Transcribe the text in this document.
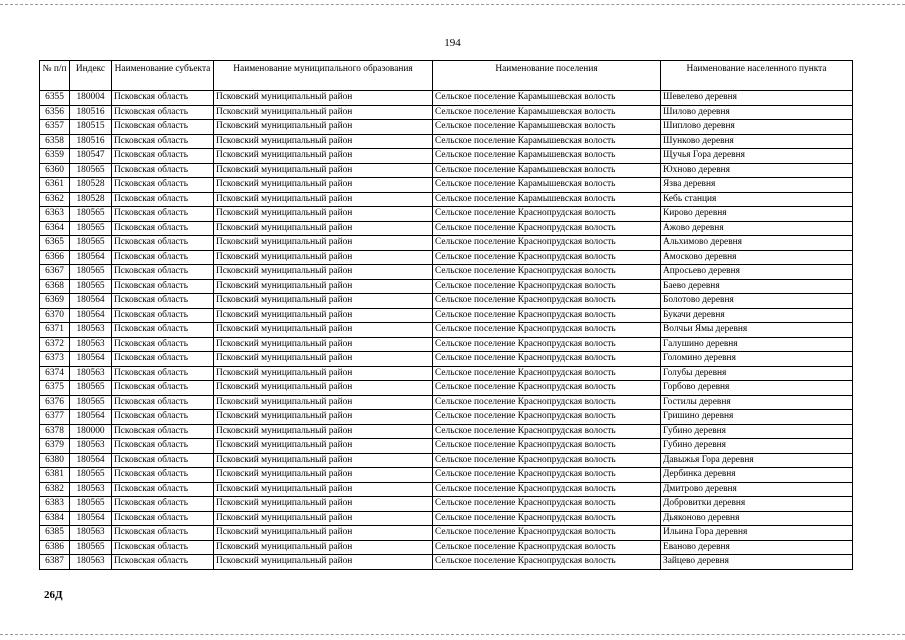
194
№ п/п	Индекс	Наименование субъекта	Наименование муниципального образования	Наименование поселения	Наименование населенного пункта
6355	180004	Псковская область	Псковский муниципальный район	Сельское поселение Карамышевская волость	Шевелево деревня
6356	180516	Псковская область	Псковский муниципальный район	Сельское поселение Карамышевская волость	Шилово деревня
6357	180515	Псковская область	Псковский муниципальный район	Сельское поселение Карамышевская волость	Шиплово деревня
6358	180516	Псковская область	Псковский муниципальный район	Сельское поселение Карамышевская волость	Шунково деревня
6359	180547	Псковская область	Псковский муниципальный район	Сельское поселение Карамышевская волость	Щучья Гора деревня
6360	180565	Псковская область	Псковский муниципальный район	Сельское поселение Карамышевская волость	Юхново деревня
6361	180528	Псковская область	Псковский муниципальный район	Сельское поселение Карамышевская волость	Язва деревня
6362	180528	Псковская область	Псковский муниципальный район	Сельское поселение Карамышевская волость	Кебь станция
6363	180565	Псковская область	Псковский муниципальный район	Сельское поселение Краснопрудская волость	Кирово деревня
6364	180565	Псковская область	Псковский муниципальный район	Сельское поселение Краснопрудская волость	Ажово деревня
6365	180565	Псковская область	Псковский муниципальный район	Сельское поселение Краснопрудская волость	Альхимово деревня
6366	180564	Псковская область	Псковский муниципальный район	Сельское поселение Краснопрудская волость	Амосково деревня
6367	180565	Псковская область	Псковский муниципальный район	Сельское поселение Краснопрудская волость	Апросьево деревня
6368	180565	Псковская область	Псковский муниципальный район	Сельское поселение Краснопрудская волость	Баево деревня
6369	180564	Псковская область	Псковский муниципальный район	Сельское поселение Краснопрудская волость	Болотово деревня
6370	180564	Псковская область	Псковский муниципальный район	Сельское поселение Краснопрудская волость	Букачи деревня
6371	180563	Псковская область	Псковский муниципальный район	Сельское поселение Краснопрудская волость	Волчьи Ямы деревня
6372	180563	Псковская область	Псковский муниципальный район	Сельское поселение Краснопрудская волость	Галушино деревня
6373	180564	Псковская область	Псковский муниципальный район	Сельское поселение Краснопрудская волость	Голомино деревня
6374	180563	Псковская область	Псковский муниципальный район	Сельское поселение Краснопрудская волость	Голубы деревня
6375	180565	Псковская область	Псковский муниципальный район	Сельское поселение Краснопрудская волость	Горбово деревня
6376	180565	Псковская область	Псковский муниципальный район	Сельское поселение Краснопрудская волость	Гостилы деревня
6377	180564	Псковская область	Псковский муниципальный район	Сельское поселение Краснопрудская волость	Гришино деревня
6378	180000	Псковская область	Псковский муниципальный район	Сельское поселение Краснопрудская волость	Губино деревня
6379	180563	Псковская область	Псковский муниципальный район	Сельское поселение Краснопрудская волость	Губино деревня
6380	180564	Псковская область	Псковский муниципальный район	Сельское поселение Краснопрудская волость	Давыжья Гора деревня
6381	180565	Псковская область	Псковский муниципальный район	Сельское поселение Краснопрудская волость	Дербинка деревня
6382	180563	Псковская область	Псковский муниципальный район	Сельское поселение Краснопрудская волость	Дмитрово деревня
6383	180565	Псковская область	Псковский муниципальный район	Сельское поселение Краснопрудская волость	Добровитки деревня
6384	180564	Псковская область	Псковский муниципальный район	Сельское поселение Краснопрудская волость	Дьяконово деревня
6385	180563	Псковская область	Псковский муниципальный район	Сельское поселение Краснопрудская волость	Ильина Гора деревня
6386	180565	Псковская область	Псковский муниципальный район	Сельское поселение Краснопрудская волость	Еваново деревня
6387	180563	Псковская область	Псковский муниципальный район	Сельское поселение Краснопрудская волость	Зайцево деревня
26Д
